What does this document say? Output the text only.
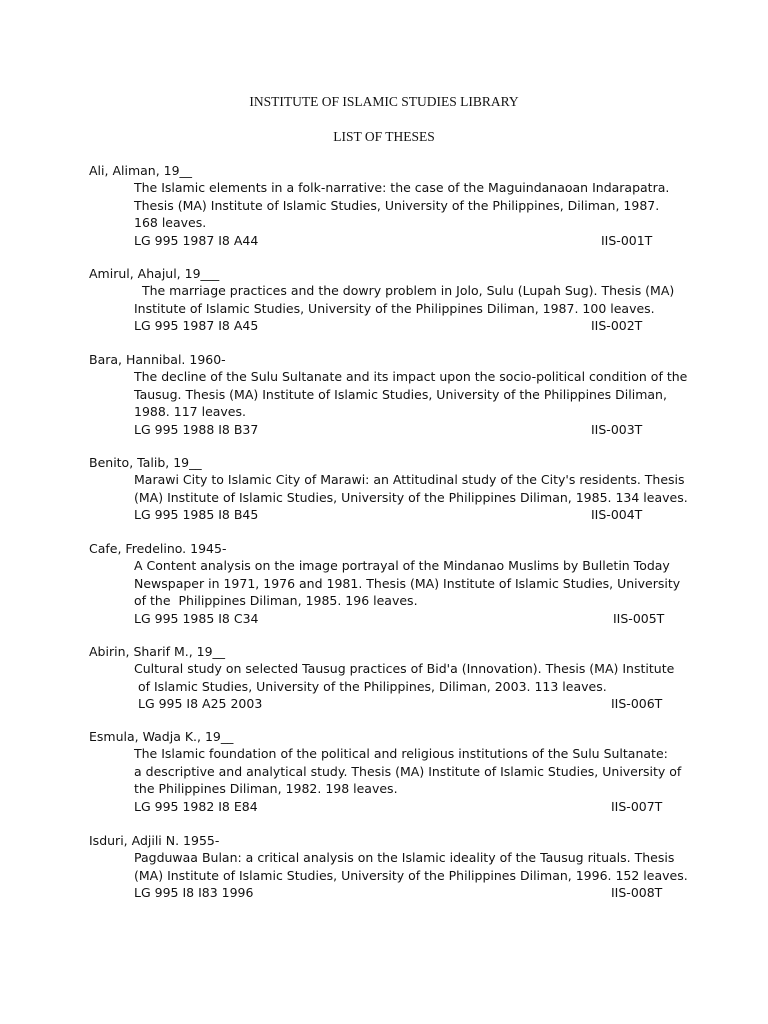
INSTITUTE OF ISLAMIC STUDIES LIBRARY
LIST OF THESES
Ali, Aliman, 19__
The Islamic elements in a folk-narrative: the case of the Maguindanaoan Indarapatra.
Thesis (MA) Institute of Islamic Studies, University of the Philippines, Diliman, 1987.
168 leaves.
LG 995 1987 I8 A44	IIS-001T
Amirul, Ahajul, 19___
The marriage practices and the dowry problem in Jolo, Sulu (Lupah Sug). Thesis (MA)
Institute of Islamic Studies, University of the Philippines Diliman, 1987. 100 leaves.
LG 995 1987 I8 A45	IIS-002T
Bara, Hannibal. 1960-
The decline of the Sulu Sultanate and its impact upon the socio-political condition of the
Tausug. Thesis (MA) Institute of Islamic Studies, University of the Philippines Diliman,
1988. 117 leaves.
LG 995 1988 I8 B37	IIS-003T
Benito, Talib, 19__
Marawi City to Islamic City of Marawi: an Attitudinal study of the City's residents. Thesis
(MA) Institute of Islamic Studies, University of the Philippines Diliman, 1985. 134 leaves.
LG 995 1985 I8 B45	IIS-004T
Cafe, Fredelino. 1945-
A Content analysis on the image portrayal of the Mindanao Muslims by Bulletin Today
Newspaper in 1971, 1976 and 1981. Thesis (MA) Institute of Islamic Studies, University
of the  Philippines Diliman, 1985. 196 leaves.
LG 995 1985 I8 C34	IIS-005T
Abirin, Sharif M., 19__
Cultural study on selected Tausug practices of Bid'a (Innovation). Thesis (MA) Institute
of Islamic Studies, University of the Philippines, Diliman, 2003. 113 leaves.
LG 995 I8 A25 2003	IIS-006T
Esmula, Wadja K., 19__
The Islamic foundation of the political and religious institutions of the Sulu Sultanate:
a descriptive and analytical study. Thesis (MA) Institute of Islamic Studies, University of
the Philippines Diliman, 1982. 198 leaves.
LG 995 1982 I8 E84	IIS-007T
Isduri, Adjili N. 1955-
Pagduwaa Bulan: a critical analysis on the Islamic ideality of the Tausug rituals. Thesis
(MA) Institute of Islamic Studies, University of the Philippines Diliman, 1996. 152 leaves.
LG 995 I8 I83 1996	IIS-008T
